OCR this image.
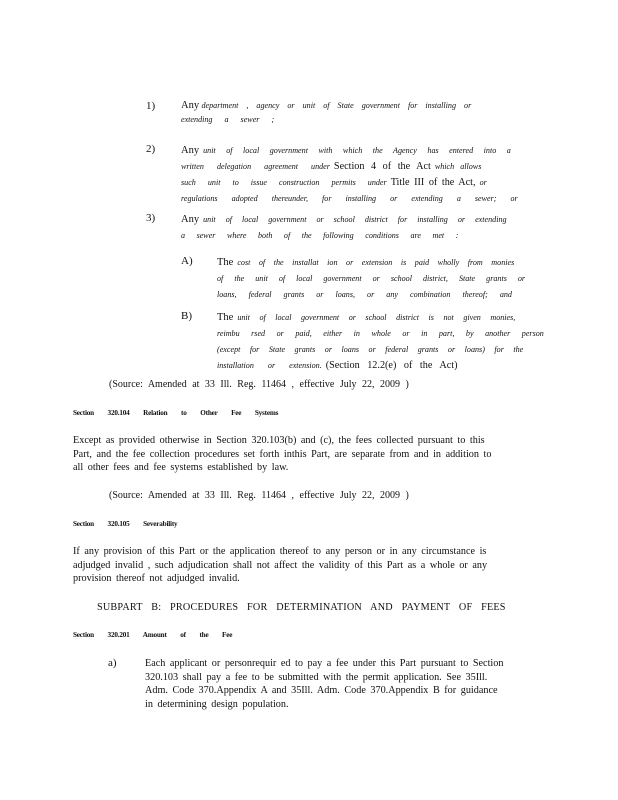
1) Any department , agency or unit of State government for installing or
extending a sewer ;
2) Any unit of local government with which the Agency has entered into a
written delegation agreement under Section 4 of the Act which allows
such unit to issue construction permits under Title III of the Act, or
regulations adopted thereunder, for installing or extending a sewer; or
3) Any unit of local government or school district for installing or extending
a sewer where both of the following conditions are met :
A) The cost of the installat ion or extension is paid wholly from monies
of the unit of local government or school district, State grants or
loans, federal grants or loans, or any combination thereof; and
B) The unit of local government or school district is not given monies,
reimbu rsed or paid, either in whole or in part, by another person
(except for State grants or loans or federal grants or loans) for the
installation or extension. (Section 12.2(e) of the Act)
(Source: Amended at 33 Ill. Reg. 11464 , effective July 22, 2009 )
Section 320.104 Relation to Other Fee Systems
Except as provided otherwise in Section 320.103(b) and (c), the fees collected pursuant to this
Part, and the fee collection procedures set forth inthis Part, are separate from and in addition to
all other fees and fee systems established by law.
(Source: Amended at 33 Ill. Reg. 11464 , effective July 22, 2009 )
Section 320.105 Severability
If any provision of this Part or the application thereof to any person or in any circumstance is
adjudged invalid , such adjudication shall not affect the validity of this Part as a whole or any
provision thereof not adjudged invalid.
SUBPART B: PROCEDURES FOR DETERMINATION AND PAYMENT OF FEES
Section 320.201 Amount of the Fee
a)	Each applicant or personrequir ed to pay a fee under this Part pursuant to Section
320.103 shall pay a fee to be submitted with the permit application. See 35Ill.
Adm. Code 370.Appendix A and 35Ill. Adm. Code 370.Appendix B for guidance
in determining design population.
